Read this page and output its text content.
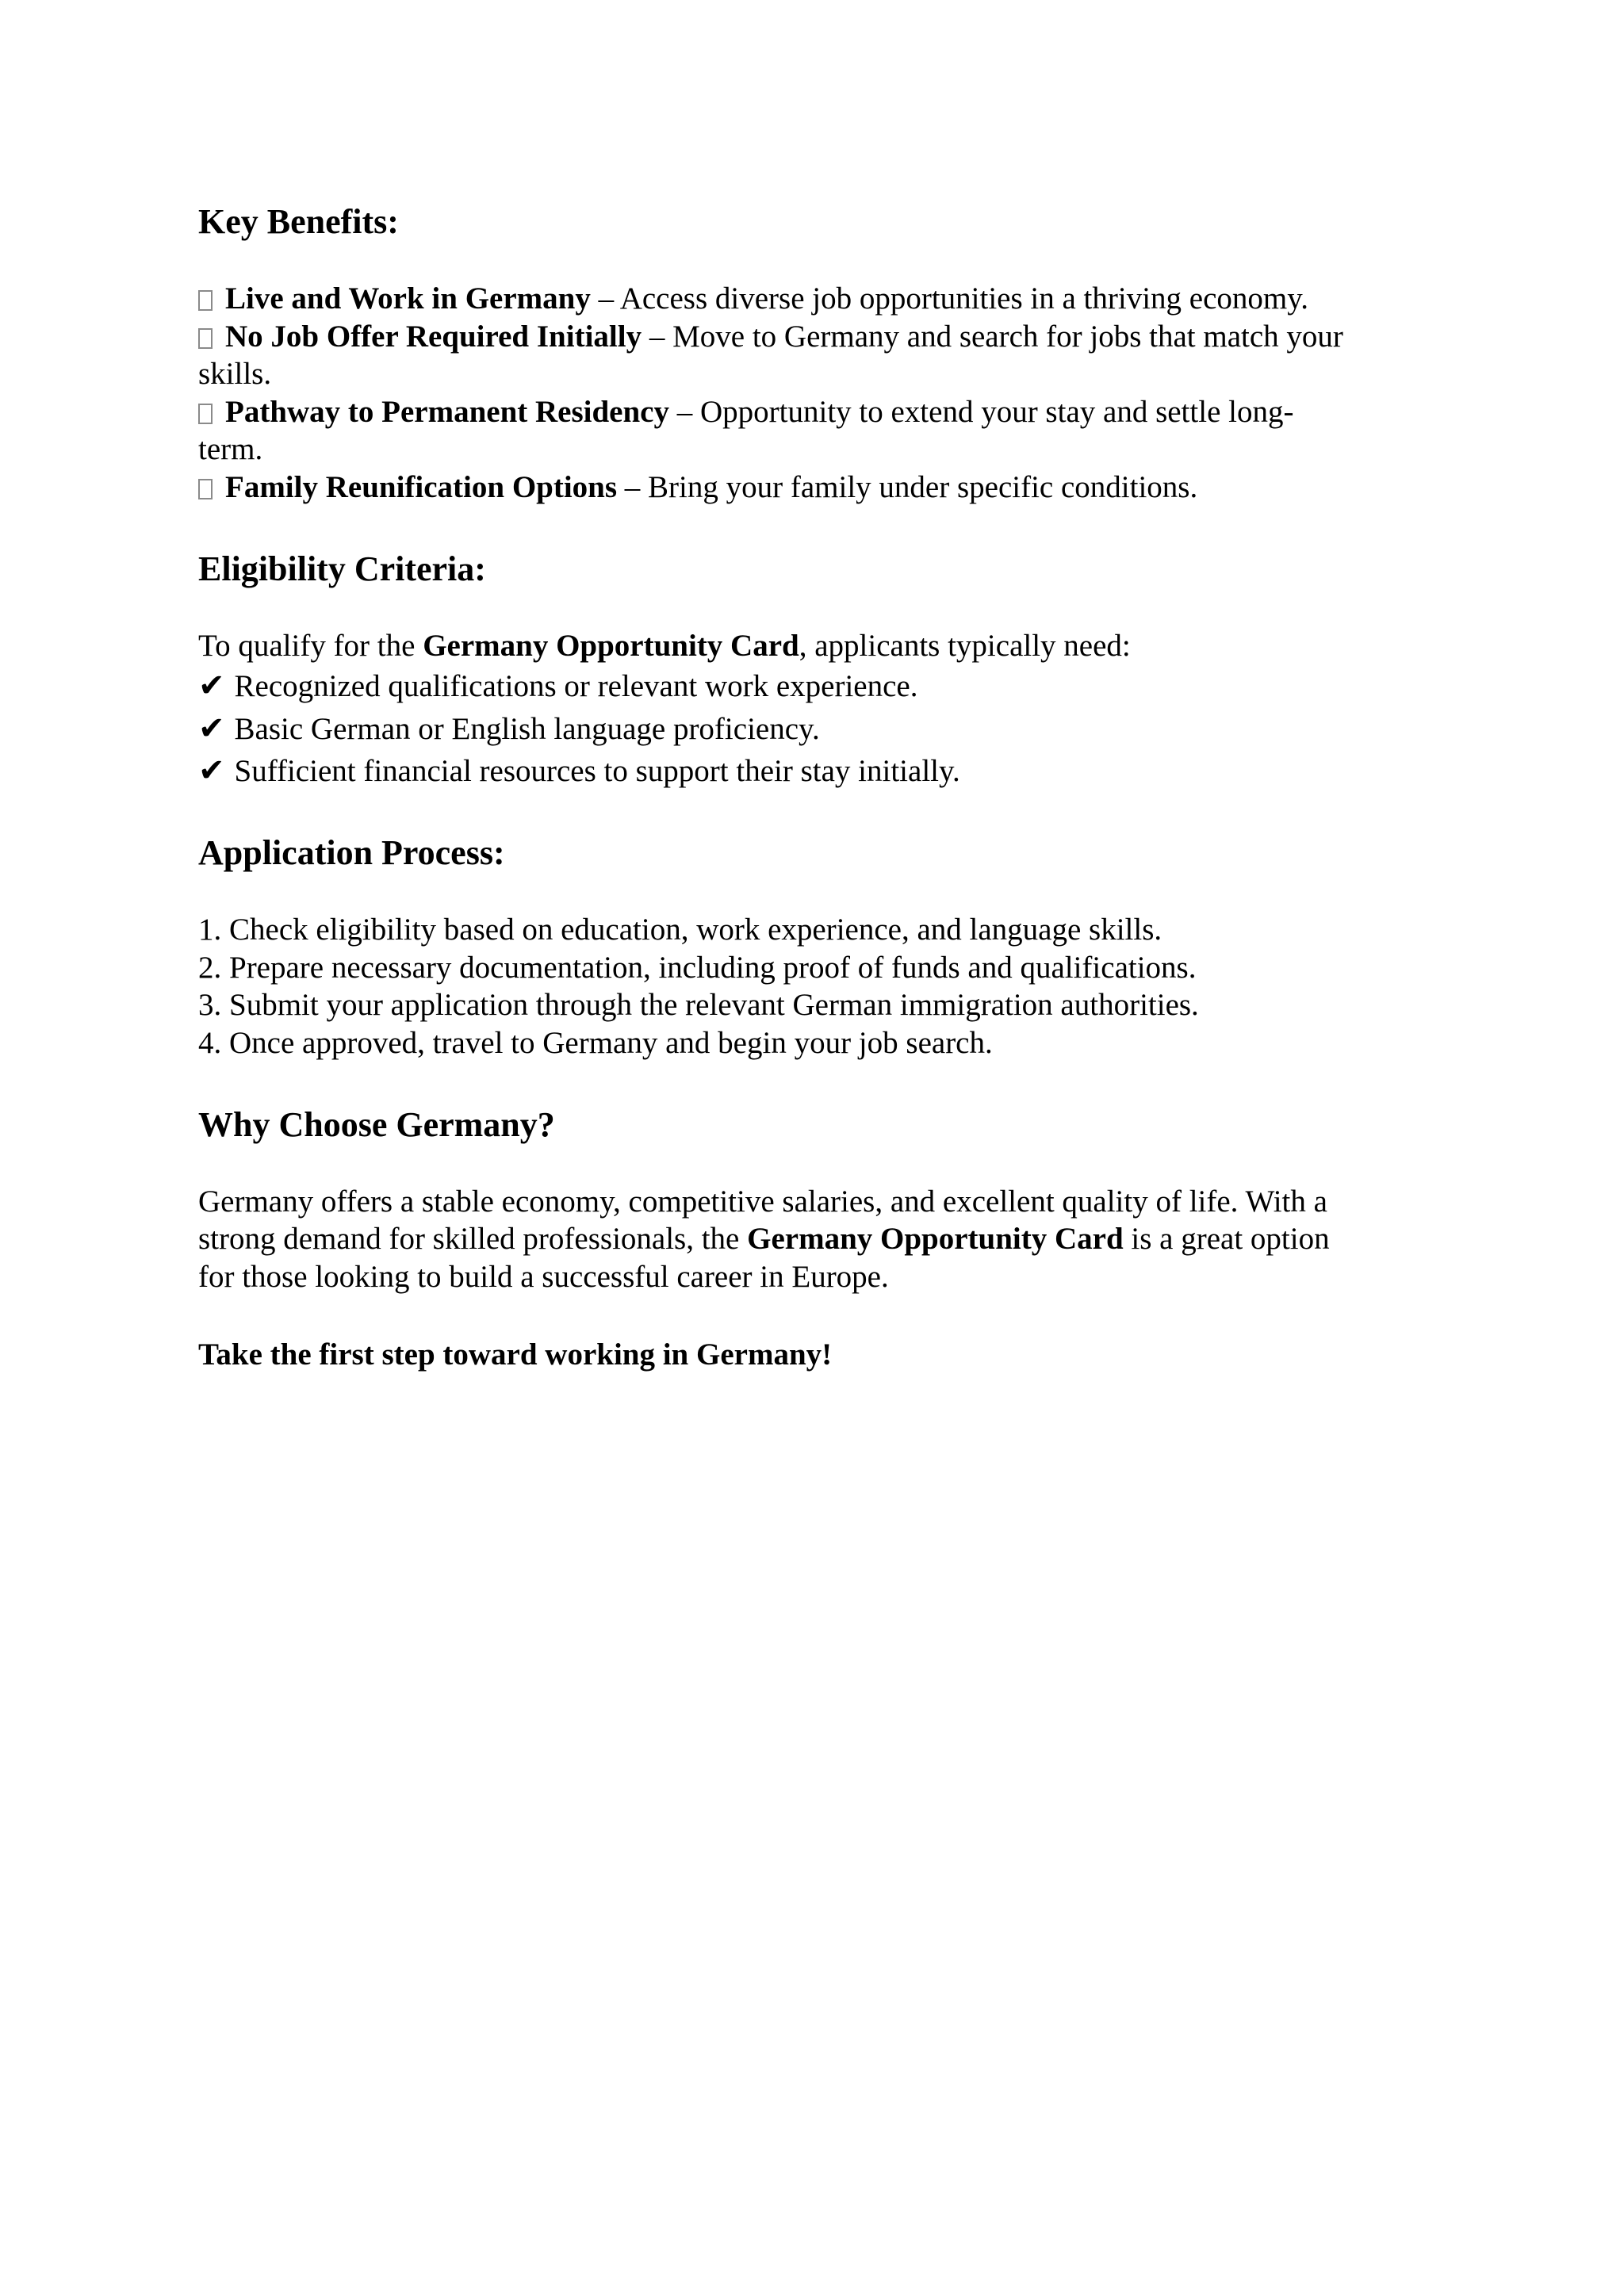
Key Benefits:
Live and Work in Germany – Access diverse job opportunities in a thriving economy.
No Job Offer Required Initially – Move to Germany and search for jobs that match your
skills.
Pathway to Permanent Residency – Opportunity to extend your stay and settle long-
term.
Family Reunification Options – Bring your family under specific conditions.
Eligibility Criteria:
To qualify for the Germany Opportunity Card, applicants typically need:
✔ Recognized qualifications or relevant work experience.
✔ Basic German or English language proficiency.
✔ Sufficient financial resources to support their stay initially.
Application Process:
1. Check eligibility based on education, work experience, and language skills.
2. Prepare necessary documentation, including proof of funds and qualifications.
3. Submit your application through the relevant German immigration authorities.
4. Once approved, travel to Germany and begin your job search.
Why Choose Germany?
Germany offers a stable economy, competitive salaries, and excellent quality of life. With a
strong demand for skilled professionals, the Germany Opportunity Card is a great option
for those looking to build a successful career in Europe.
Take the first step toward working in Germany!
